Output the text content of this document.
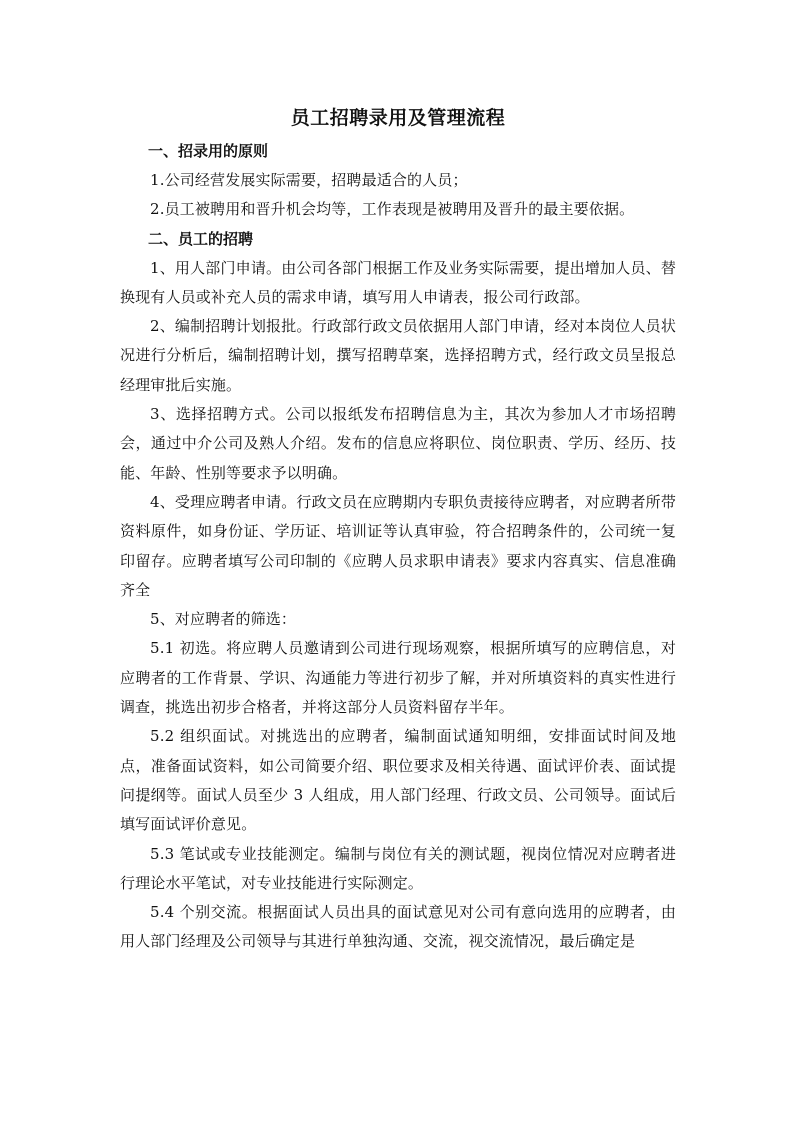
员工招聘录用及管理流程
一、招录用的原则

1.公司经营发展实际需要，招聘最适合的人员；

2.员工被聘用和晋升机会均等，工作表现是被聘用及晋升的最主要依据。

二、员工的招聘

1、用人部门申请。由公司各部门根据工作及业务实际需要，提出增加人员、替换现有人员或补充人员的需求申请，填写用人申请表，报公司行政部。

2、编制招聘计划报批。行政部行政文员依据用人部门申请，经对本岗位人员状况进行分析后，编制招聘计划，撰写招聘草案，选择招聘方式，经行政文员呈报总经理审批后实施。

3、选择招聘方式。公司以报纸发布招聘信息为主，其次为参加人才市场招聘会，通过中介公司及熟人介绍。发布的信息应将职位、岗位职责、学历、经历、技能、年龄、性别等要求予以明确。

4、受理应聘者申请。行政文员在应聘期内专职负责接待应聘者，对应聘者所带资料原件，如身份证、学历证、培训证等认真审验，符合招聘条件的，公司统一复印留存。应聘者填写公司印制的《应聘人员求职申请表》要求内容真实、信息准确齐全

5、对应聘者的筛选：

5.1 初选。将应聘人员邀请到公司进行现场观察，根据所填写的应聘信息，对应聘者的工作背景、学识、沟通能力等进行初步了解，并对所填资料的真实性进行调查，挑选出初步合格者，并将这部分人员资料留存半年。

5.2 组织面试。对挑选出的应聘者，编制面试通知明细，安排面试时间及地点，准备面试资料，如公司简要介绍、职位要求及相关待遇、面试评价表、面试提问提纲等。面试人员至少 3 人组成，用人部门经理、行政文员、公司领导。面试后填写面试评价意见。

5.3 笔试或专业技能测定。编制与岗位有关的测试题，视岗位情况对应聘者进行理论水平笔试，对专业技能进行实际测定。

5.4 个别交流。根据面试人员出具的面试意见对公司有意向选用的应聘者，由用人部门经理及公司领导与其进行单独沟通、交流，视交流情况，最后确定是
